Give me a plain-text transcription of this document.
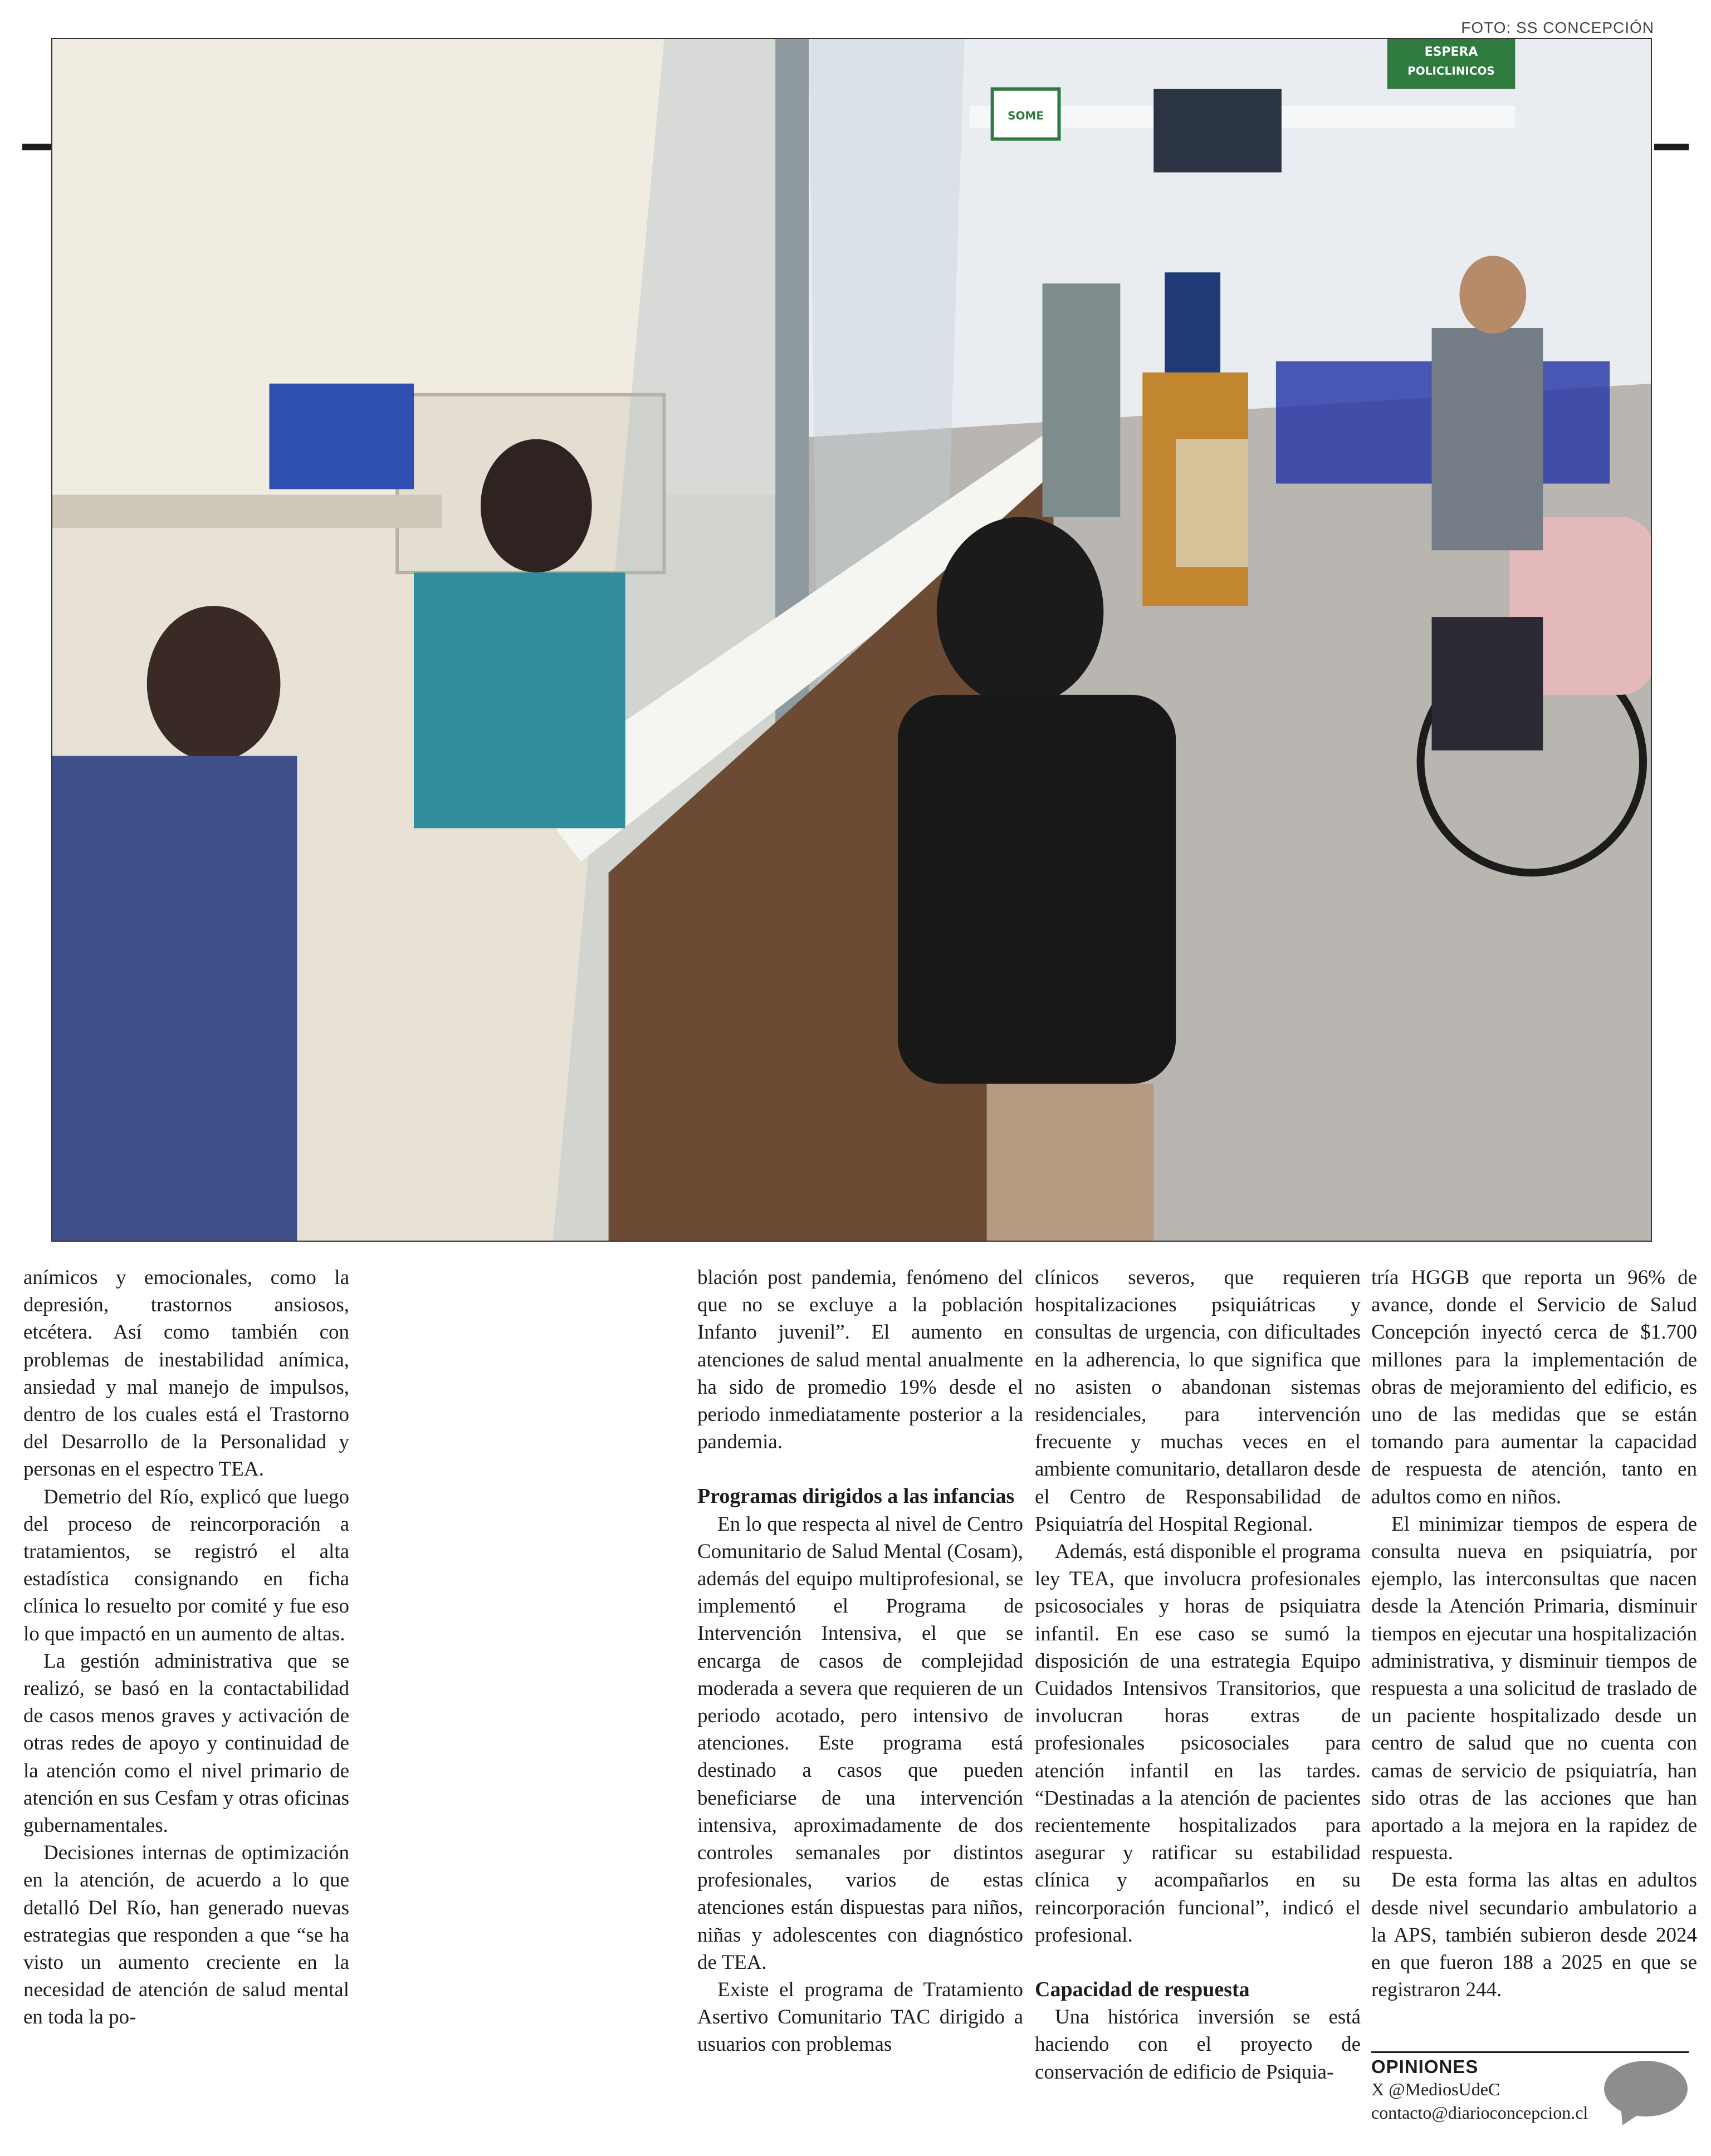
FOTO: SS CONCEPCIÓN
ESPERA
POLICLINICOS
SOME

anímicos y emocionales, como la depresión, trastornos ansiosos, etcétera. Así como también con problemas de inestabilidad anímica, ansiedad y mal manejo de impulsos, dentro de los cuales está el Trastorno del Desarrollo de la Personalidad y personas en el espectro TEA.

Demetrio del Río, explicó que luego del proceso de reincorporación a tratamientos, se registró el alta estadística consignando en ficha clínica lo resuelto por comité y fue eso lo que impactó en un aumento de altas.

La gestión administrativa que se realizó, se basó en la contactabilidad de casos menos graves y activación de otras redes de apoyo y continuidad de la atención como el nivel primario de atención en sus Cesfam y otras oficinas gubernamentales.

Decisiones internas de optimización en la atención, de acuerdo a lo que detalló Del Río, han generado nuevas estrategias que responden a que “se ha visto un aumento creciente en la necesidad de atención de salud mental en toda la po-

blación post pandemia, fenómeno del que no se excluye a la población Infanto juvenil”. El aumento en atenciones de salud mental anualmente ha sido de promedio 19% desde el periodo inmediatamente posterior a la pandemia.

Programas dirigidos a las infancias

En lo que respecta al nivel de Centro Comunitario de Salud Mental (Cosam), además del equipo multiprofesional, se implementó el Programa de Intervención Intensiva, el que se encarga de casos de complejidad moderada a severa que requieren de un periodo acotado, pero intensivo de atenciones. Este programa está destinado a casos que pueden beneficiarse de una intervención intensiva, aproximadamente de dos controles semanales por distintos profesionales, varios de estas atenciones están dispuestas para niños, niñas y adolescentes con diagnóstico de TEA.

Existe el programa de Tratamiento Asertivo Comunitario TAC dirigido a usuarios con problemas

clínicos severos, que requieren hospitalizaciones psiquiátricas y consultas de urgencia, con dificultades en la adherencia, lo que significa que no asisten o abandonan sistemas residenciales, para intervención frecuente y muchas veces en el ambiente comunitario, detallaron desde el Centro de Responsabilidad de Psiquiatría del Hospital Regional.

Además, está disponible el programa ley TEA, que involucra profesionales psicosociales y horas de psiquiatra infantil. En ese caso se sumó la disposición de una estrategia Equipo Cuidados Intensivos Transitorios, que involucran horas extras de profesionales psicosociales para atención infantil en las tardes. “Destinadas a la atención de pacientes recientemente hospitalizados para asegurar y ratificar su estabilidad clínica y acompañarlos en su reincorporación funcional”, indicó el profesional.

Capacidad de respuesta

Una histórica inversión se está haciendo con el proyecto de conservación de edificio de Psiquia-

tría HGGB que reporta un 96% de avance, donde el Servicio de Salud Concepción inyectó cerca de $1.700 millones para la implementación de obras de mejoramiento del edificio, es uno de las medidas que se están tomando para aumentar la capacidad de respuesta de atención, tanto en adultos como en niños.

El minimizar tiempos de espera de consulta nueva en psiquiatría, por ejemplo, las interconsultas que nacen desde la Atención Primaria, disminuir tiempos en ejecutar una hospitalización administrativa, y disminuir tiempos de respuesta a una solicitud de traslado de un paciente hospitalizado desde un centro de salud que no cuenta con camas de servicio de psiquiatría, han sido otras de las acciones que han aportado a la mejora en la rapidez de respuesta.

De esta forma las altas en adultos desde nivel secundario ambulatorio a la APS, también subieron desde 2024 en que fueron 188 a 2025 en que se registraron 244.

OPINIONES
X @MediosUdeC
contacto@diarioconcepcion.cl
